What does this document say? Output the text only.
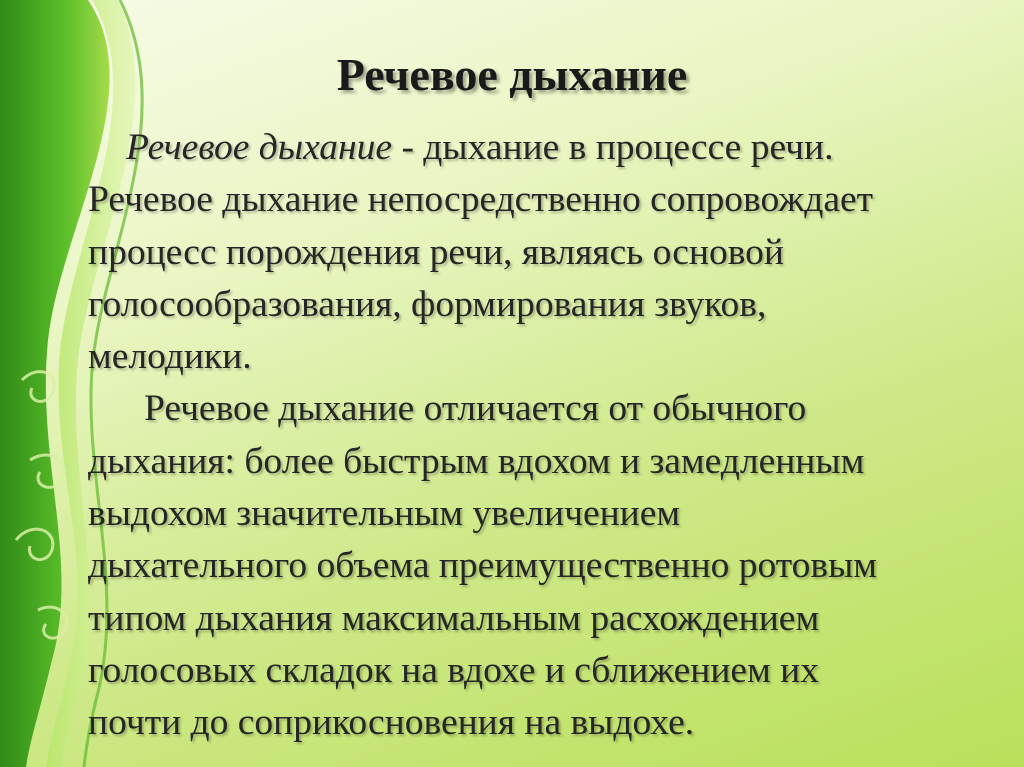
Речевое дыхание
Речевое дыхание - дыхание в процессе речи.
Речевое дыхание непосредственно сопровождает
процесс порождения речи, являясь основой
голосообразования, формирования звуков,
мелодики.
Речевое дыхание отличается от обычного
дыхания: более быстрым вдохом и замедленным
выдохом значительным увеличением
дыхательного объема преимущественно ротовым
типом дыхания максимальным расхождением
голосовых складок на вдохе и сближением их
почти до соприкосновения на выдохе.
